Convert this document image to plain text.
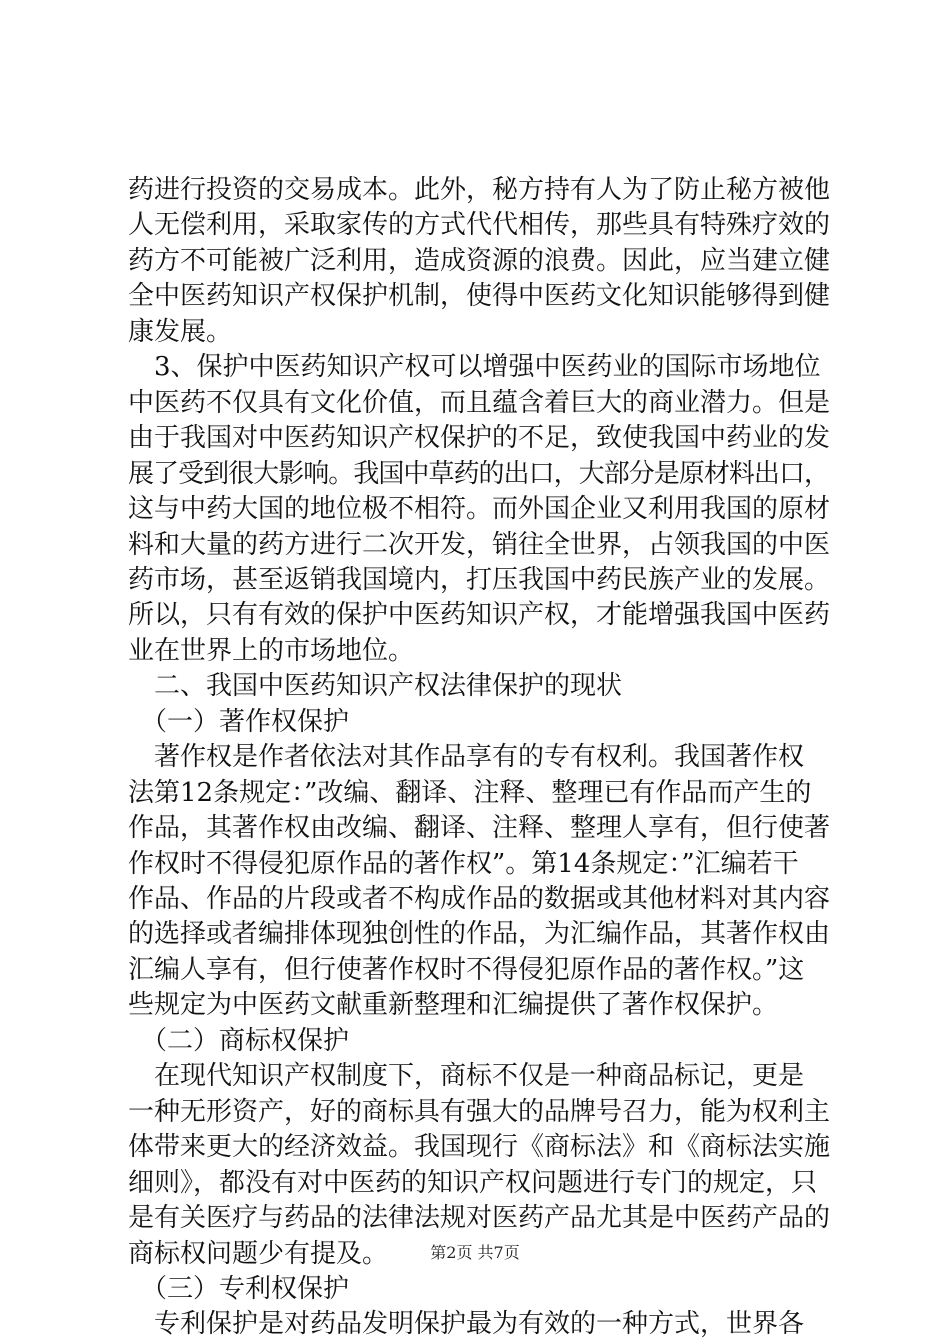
药进行投资的交易成本。此外，秘方持有人为了防止秘方被他
人无偿利用，采取家传的方式代代相传，那些具有特殊疗效的
药方不可能被广泛利用，造成资源的浪费。因此，应当建立健
全中医药知识产权保护机制，使得中医药文化知识能够得到健
康发展。
　3、保护中医药知识产权可以增强中医药业的国际市场地位
中医药不仅具有文化价值，而且蕴含着巨大的商业潜力。但是
由于我国对中医药知识产权保护的不足，致使我国中药业的发
展了受到很大影响。我国中草药的出口，大部分是原材料出口，
这与中药大国的地位极不相符。而外国企业又利用我国的原材
料和大量的药方进行二次开发，销往全世界，占领我国的中医
药市场，甚至返销我国境内，打压我国中药民族产业的发展。
所以，只有有效的保护中医药知识产权，才能增强我国中医药
业在世界上的市场地位。
　二、我国中医药知识产权法律保护的现状
　（一）著作权保护
　著作权是作者依法对其作品享有的专有权利。我国著作权
法第12条规定：”改编、翻译、注释、整理已有作品而产生的
作品，其著作权由改编、翻译、注释、整理人享有，但行使著
作权时不得侵犯原作品的著作权”。第14条规定：”汇编若干
作品、作品的片段或者不构成作品的数据或其他材料对其内容
的选择或者编排体现独创性的作品，为汇编作品，其著作权由
汇编人享有，但行使著作权时不得侵犯原作品的著作权。”这
些规定为中医药文献重新整理和汇编提供了著作权保护。
　（二）商标权保护
　在现代知识产权制度下，商标不仅是一种商品标记，更是
一种无形资产，好的商标具有强大的品牌号召力，能为权利主
体带来更大的经济效益。我国现行《商标法》和《商标法实施
细则》，都没有对中医药的知识产权问题进行专门的规定，只
是有关医疗与药品的法律法规对医药产品尤其是中医药产品的
商标权问题少有提及。
　（三）专利权保护
　专利保护是对药品发明保护最为有效的一种方式，世界各
第2页 共7页
